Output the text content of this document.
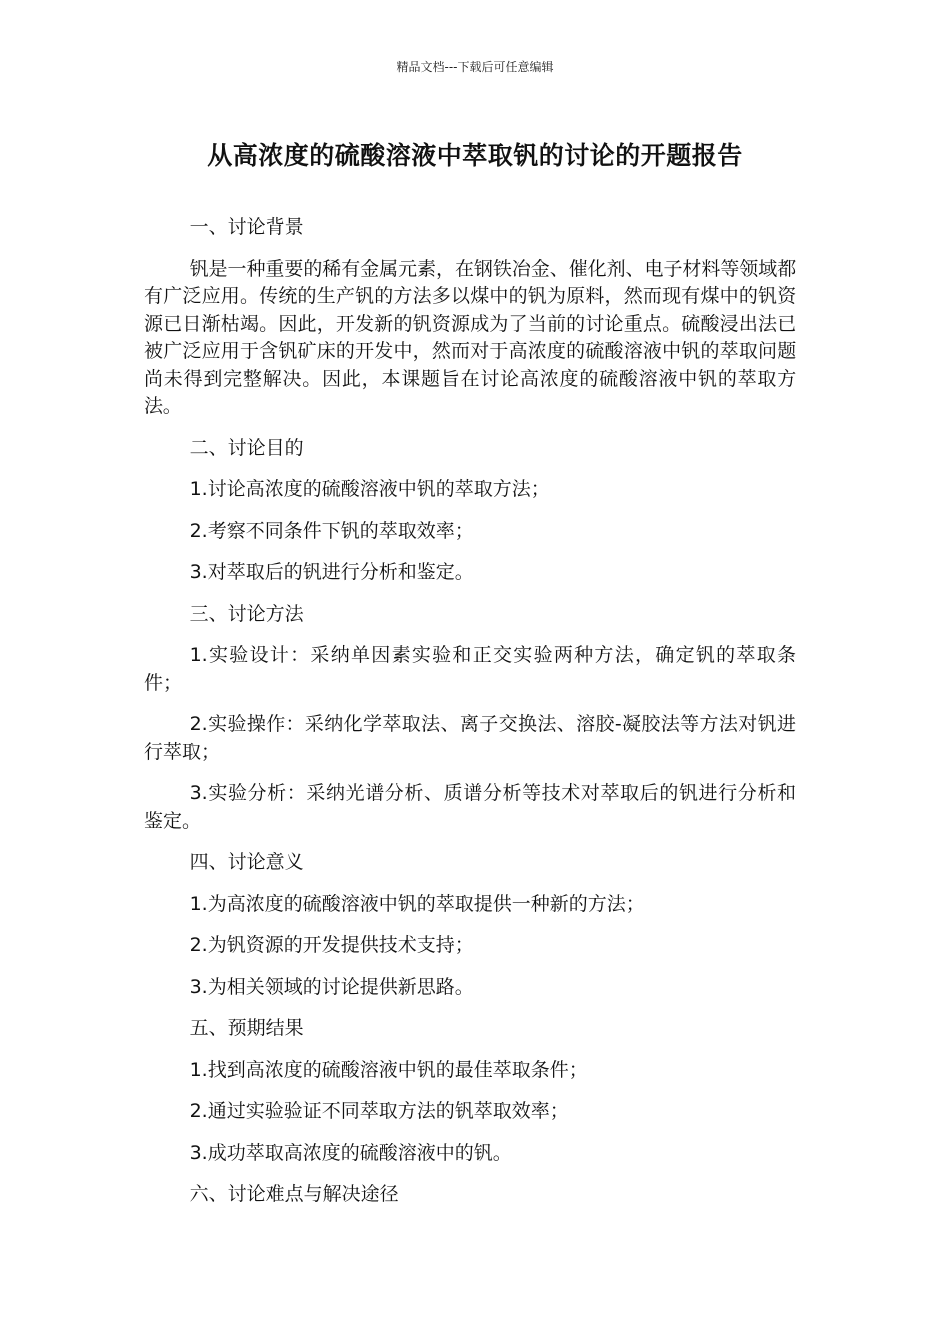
精品文档---下载后可任意编辑
从高浓度的硫酸溶液中萃取钒的讨论的开题报告

一、讨论背景

钒是一种重要的稀有金属元素，在钢铁冶金、催化剂、电子材料等领域都有广泛应用。传统的生产钒的方法多以煤中的钒为原料，然而现有煤中的钒资源已日渐枯竭。因此，开发新的钒资源成为了当前的讨论重点。硫酸浸出法已被广泛应用于含钒矿床的开发中，然而对于高浓度的硫酸溶液中钒的萃取问题尚未得到完整解决。因此，本课题旨在讨论高浓度的硫酸溶液中钒的萃取方法。

二、讨论目的

1.讨论高浓度的硫酸溶液中钒的萃取方法；

2.考察不同条件下钒的萃取效率；

3.对萃取后的钒进行分析和鉴定。

三、讨论方法

1.实验设计：采纳单因素实验和正交实验两种方法，确定钒的萃取条件；

2.实验操作：采纳化学萃取法、离子交换法、溶胶-凝胶法等方法对钒进行萃取；

3.实验分析：采纳光谱分析、质谱分析等技术对萃取后的钒进行分析和鉴定。

四、讨论意义

1.为高浓度的硫酸溶液中钒的萃取提供一种新的方法；

2.为钒资源的开发提供技术支持；

3.为相关领域的讨论提供新思路。

五、预期结果

1.找到高浓度的硫酸溶液中钒的最佳萃取条件；

2.通过实验验证不同萃取方法的钒萃取效率；

3.成功萃取高浓度的硫酸溶液中的钒。

六、讨论难点与解决途径
